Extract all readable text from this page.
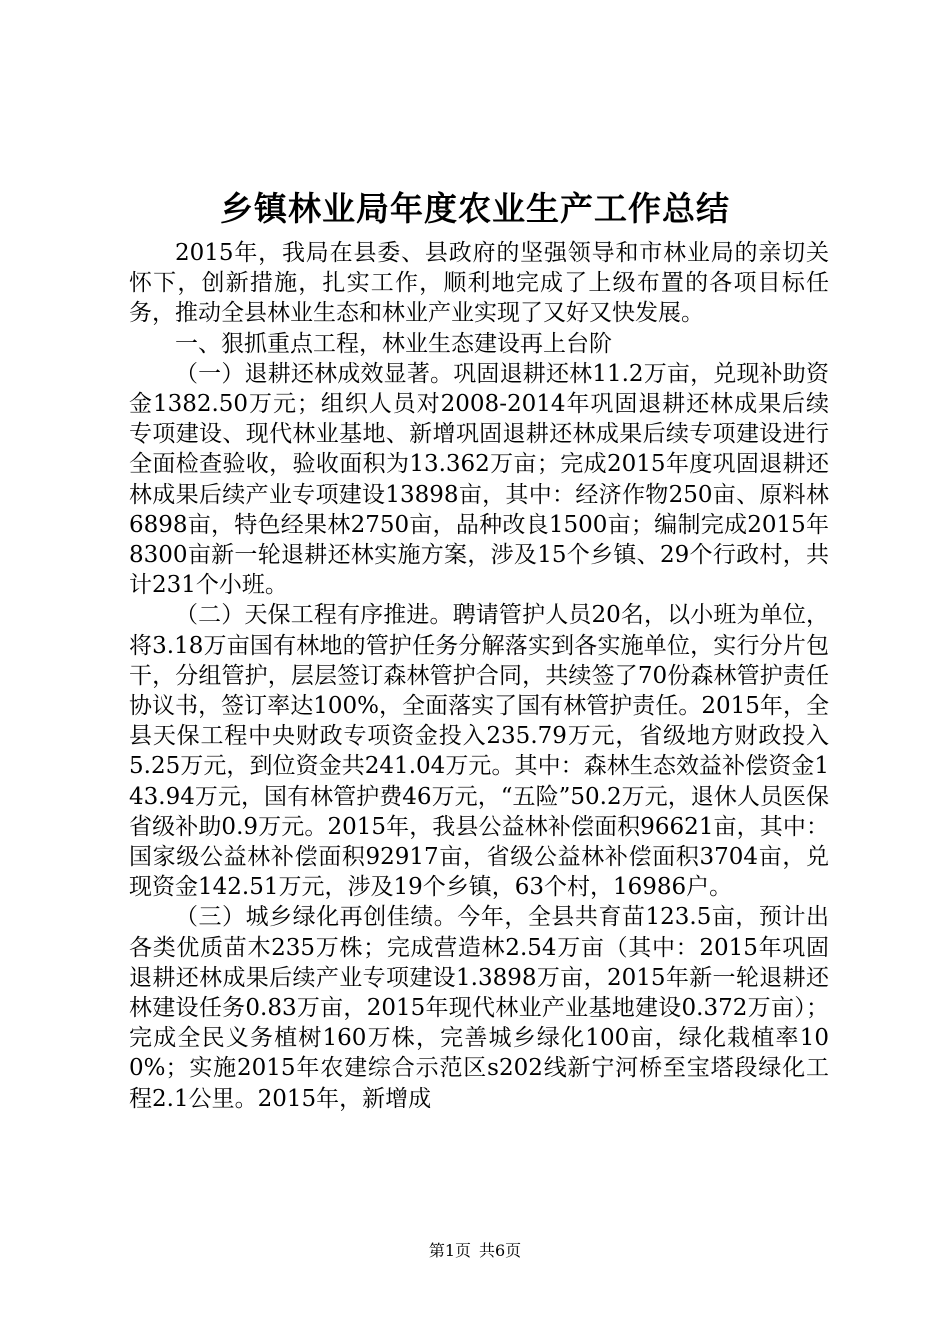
乡镇林业局年度农业生产工作总结

2015年，我局在县委、县政府的坚强领导和市林业局的亲切关怀下，创新措施，扎实工作，顺利地完成了上级布置的各项目标任务，推动全县林业生态和林业产业实现了又好又快发展。

一、狠抓重点工程，林业生态建设再上台阶

（一）退耕还林成效显著。巩固退耕还林11.2万亩，兑现补助资金1382.50万元；组织人员对2008-2014年巩固退耕还林成果后续专项建设、现代林业基地、新增巩固退耕还林成果后续专项建设进行全面检查验收，验收面积为13.362万亩；完成2015年度巩固退耕还林成果后续产业专项建设13898亩，其中：经济作物250亩、原料林6898亩，特色经果林2750亩，品种改良1500亩；编制完成2015年8300亩新一轮退耕还林实施方案，涉及15个乡镇、29个行政村，共计231个小班。

（二）天保工程有序推进。聘请管护人员20名，以小班为单位，将3.18万亩国有林地的管护任务分解落实到各实施单位，实行分片包干，分组管护，层层签订森林管护合同，共续签了70份森林管护责任协议书，签订率达100%，全面落实了国有林管护责任。2015年，全县天保工程中央财政专项资金投入235.79万元，省级地方财政投入5.25万元，到位资金共241.04万元。其中：森林生态效益补偿资金143.94万元，国有林管护费46万元，“五险”50.2万元，退休人员医保省级补助0.9万元。2015年，我县公益林补偿面积96621亩，其中：国家级公益林补偿面积92917亩，省级公益林补偿面积3704亩，兑现资金142.51万元，涉及19个乡镇，63个村，16986户。

（三）城乡绿化再创佳绩。今年，全县共育苗123.5亩，预计出各类优质苗木235万株；完成营造林2.54万亩（其中：2015年巩固退耕还林成果后续产业专项建设1.3898万亩，2015年新一轮退耕还林建设任务0.83万亩，2015年现代林业产业基地建设0.372万亩）；完成全民义务植树160万株，完善城乡绿化100亩，绿化栽植率100%；实施2015年农建综合示范区s202线新宁河桥至宝塔段绿化工程2.1公里。2015年，新增成

第1页 共6页
